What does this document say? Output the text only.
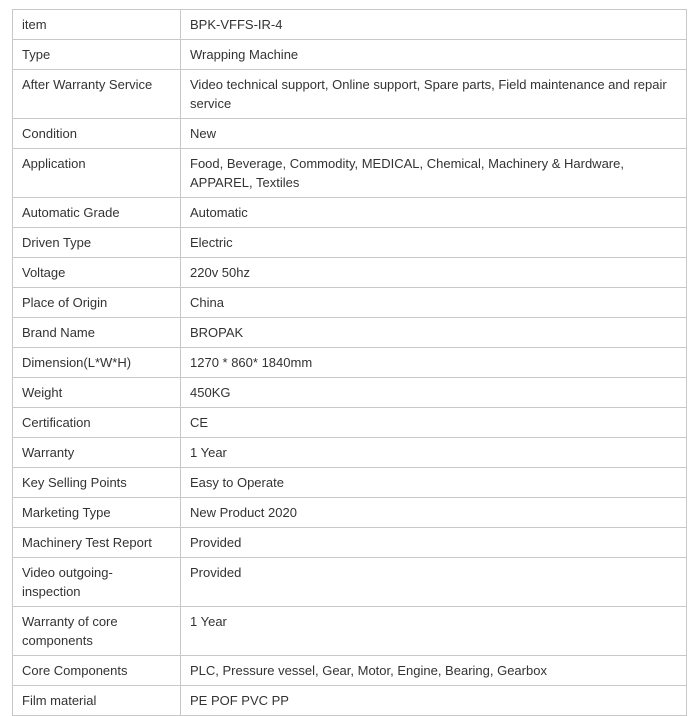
item	BPK-VFFS-IR-4
Type	Wrapping Machine
After Warranty Service	Video technical support, Online support, Spare parts, Field maintenance and repair service
Condition	New
Application	Food, Beverage, Commodity, MEDICAL, Chemical, Machinery & Hardware, APPAREL, Textiles
Automatic Grade	Automatic
Driven Type	Electric
Voltage	220v 50hz
Place of Origin	China
Brand Name	BROPAK
Dimension(L*W*H)	1270 * 860* 1840mm
Weight	450KG
Certification	CE
Warranty	1 Year
Key Selling Points	Easy to Operate
Marketing Type	New Product 2020
Machinery Test Report	Provided
Video outgoing-inspection	Provided
Warranty of core components	1 Year
Core Components	PLC, Pressure vessel, Gear, Motor, Engine, Bearing, Gearbox
Film material	PE POF PVC PP
